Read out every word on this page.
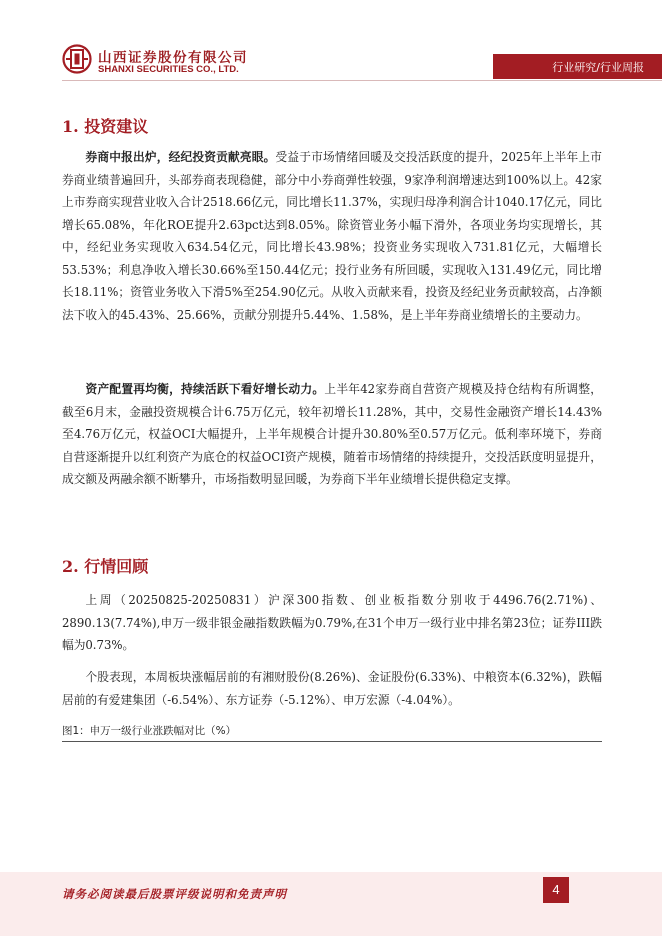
山西证券股份有限公司
SHANXI SECURITIES CO., LTD.	行业研究/行业周报
1. 投资建议

券商中报出炉，经纪投资贡献亮眼。受益于市场情绪回暖及交投活跃度的提升，2025年上半年上市券商业绩普遍回升，头部券商表现稳健，部分中小券商弹性较强，9家净利润增速达到100%以上。42家上市券商实现营业收入合计2518.66亿元，同比增长11.37%，实现归母净利润合计1040.17亿元，同比增长65.08%，年化ROE提升2.63pct达到8.05%。除资管业务小幅下滑外，各项业务均实现增长，其中，经纪业务实现收入634.54亿元，同比增长43.98%；投资业务实现收入731.81亿元，大幅增长53.53%；利息净收入增长30.66%至150.44亿元；投行业务有所回暖，实现收入131.49亿元，同比增长18.11%；资管业务收入下滑5%至254.90亿元。从收入贡献来看，投资及经纪业务贡献较高，占净额法下收入的45.43%、25.66%，贡献分别提升5.44%、1.58%，是上半年券商业绩增长的主要动力。

资产配置再均衡，持续活跃下看好增长动力。上半年42家券商自营资产规模及持仓结构有所调整，截至6月末，金融投资规模合计6.75万亿元，较年初增长11.28%，其中，交易性金融资产增长14.43%至4.76万亿元，权益OCI大幅提升，上半年规模合计提升30.80%至0.57万亿元。低利率环境下，券商自营逐渐提升以红利资产为底仓的权益OCI资产规模，随着市场情绪的持续提升，交投活跃度明显提升，成交额及两融余额不断攀升，市场指数明显回暖，为券商下半年业绩增长提供稳定支撑。

2. 行情回顾

上周（20250825-20250831）沪深300指数、创业板指数分别收于4496.76(2.71%)、2890.13(7.74%),申万一级非银金融指数跌幅为0.79%,在31个申万一级行业中排名第23位；证券III跌幅为0.73%。

个股表现，本周板块涨幅居前的有湘财股份(8.26%)、金证股份(6.33%)、中粮资本(6.32%)，跌幅居前的有爱建集团（-6.54%）、东方证券（-5.12%）、申万宏源（-4.04%）。

图1：申万一级行业涨跌幅对比（%）
请务必阅读最后股票评级说明和免责声明	4
